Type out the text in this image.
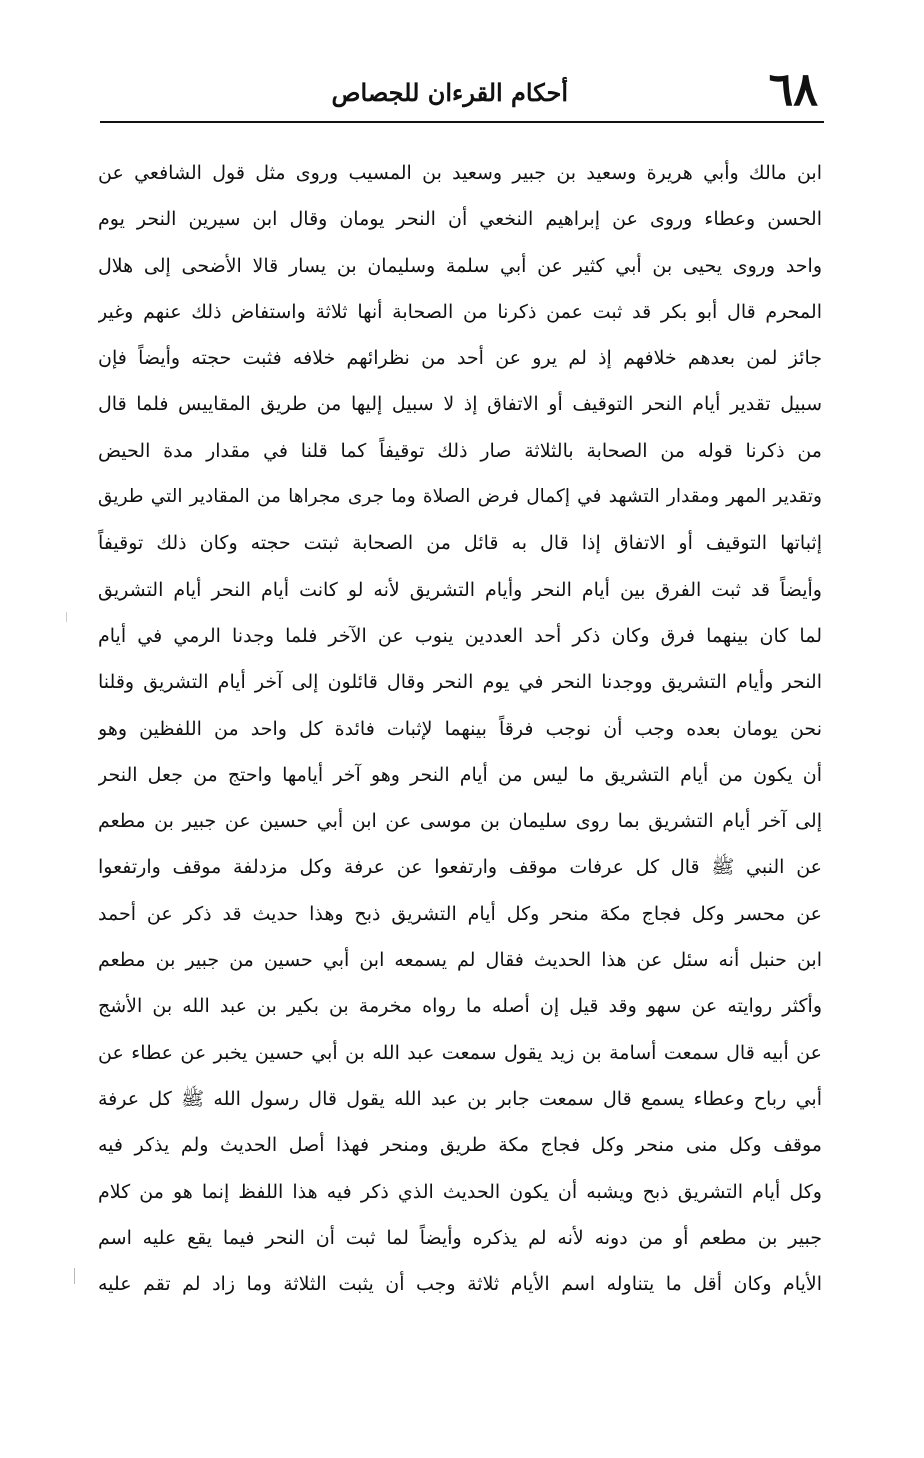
٦٨
أحكام القرءان للجصاص
ابن مالك وأبي هريرة وسعيد بن جبير وسعيد بن المسيب وروى مثل قول الشافعي عن
الحسن وعطاء وروى عن إبراهيم النخعي أن النحر يومان وقال ابن سيرين النحر يوم
واحد وروى يحيى بن أبي كثير عن أبي سلمة وسليمان بن يسار قالا الأضحى إلى هلال
المحرم قال أبو بكر قد ثبت عمن ذكرنا من الصحابة أنها ثلاثة واستفاض ذلك عنهم وغير
جائز لمن بعدهم خلافهم إذ لم يرو عن أحد من نظرائهم خلافه فثبت حجته وأيضاً فإن
سبيل تقدير أيام النحر التوقيف أو الاتفاق إذ لا سبيل إليها من طريق المقاييس فلما قال
من ذكرنا قوله من الصحابة بالثلاثة صار ذلك توقيفاً كما قلنا في مقدار مدة الحيض
وتقدير المهر ومقدار التشهد في إكمال فرض الصلاة وما جرى مجراها من المقادير التي طريق
إثباتها التوقيف أو الاتفاق إذا قال به قائل من الصحابة ثبتت حجته وكان ذلك توقيفاً
وأيضاً قد ثبت الفرق بين أيام النحر وأيام التشريق لأنه لو كانت أيام النحر أيام التشريق
لما كان بينهما فرق وكان ذكر أحد العددين ينوب عن الآخر فلما وجدنا الرمي في أيام
النحر وأيام التشريق ووجدنا النحر في يوم النحر وقال قائلون إلى آخر أيام التشريق وقلنا
نحن يومان بعده وجب أن نوجب فرقاً بينهما لإثبات فائدة كل واحد من اللفظين وهو
أن يكون من أيام التشريق ما ليس من أيام النحر وهو آخر أيامها واحتج من جعل النحر
إلى آخر أيام التشريق بما روى سليمان بن موسى عن ابن أبي حسين عن جبير بن مطعم
عن النبي ﷺ قال كل عرفات موقف وارتفعوا عن عرفة وكل مزدلفة موقف وارتفعوا
عن محسر وكل فجاج مكة منحر وكل أيام التشريق ذبح وهذا حديث قد ذكر عن أحمد
ابن حنبل أنه سئل عن هذا الحديث فقال لم يسمعه ابن أبي حسين من جبير بن مطعم
وأكثر روايته عن سهو وقد قيل إن أصله ما رواه مخرمة بن بكير بن عبد الله بن الأشج
عن أبيه قال سمعت أسامة بن زيد يقول سمعت عبد الله بن أبي حسين يخبر عن عطاء عن
أبي رباح وعطاء يسمع قال سمعت جابر بن عبد الله يقول قال رسول الله ﷺ كل عرفة
موقف وكل منى منحر وكل فجاج مكة طريق ومنحر فهذا أصل الحديث ولم يذكر فيه
وكل أيام التشريق ذبح ويشبه أن يكون الحديث الذي ذكر فيه هذا اللفظ إنما هو من كلام
جبير بن مطعم أو من دونه لأنه لم يذكره وأيضاً لما ثبت أن النحر فيما يقع عليه اسم
الأيام وكان أقل ما يتناوله اسم الأيام ثلاثة وجب أن يثبت الثلاثة وما زاد لم تقم عليه
